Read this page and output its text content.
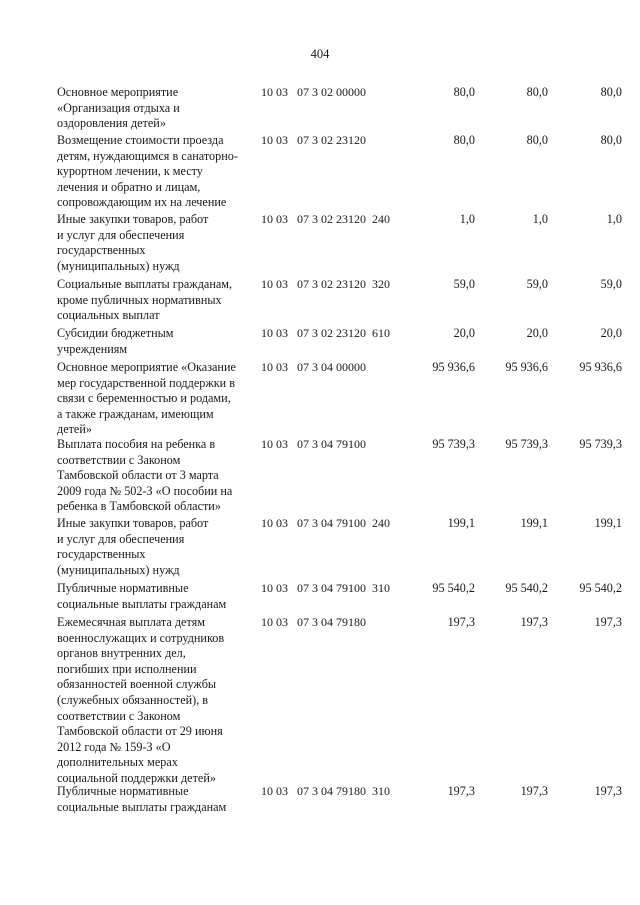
404
Основное мероприятие
«Организация отдыха и
оздоровления детей»
10 03   07 3 02 00000	80,0	80,0	80,0
Возмещение стоимости проезда
детям, нуждающимся в санаторно-
курортном лечении, к месту
лечения и обратно и лицам,
сопровождающим их на лечение
10 03   07 3 02 23120	80,0	80,0	80,0
Иные закупки товаров, работ
и услуг для обеспечения
государственных
(муниципальных) нужд
10 03   07 3 02 23120  240	1,0	1,0	1,0
Социальные выплаты гражданам,
кроме публичных нормативных
социальных выплат
10 03   07 3 02 23120  320	59,0	59,0	59,0
Субсидии бюджетным
учреждениям
10 03   07 3 02 23120  610	20,0	20,0	20,0
Основное мероприятие «Оказание
мер государственной поддержки в
связи с беременностью и родами,
а также гражданам, имеющим
детей»
10 03   07 3 04 00000	95 936,6	95 936,6	95 936,6
Выплата пособия на ребенка в
соответствии с Законом
Тамбовской области от 3 марта
2009 года № 502-З «О пособии на
ребенка в Тамбовской области»
10 03   07 3 04 79100	95 739,3	95 739,3	95 739,3
Иные закупки товаров, работ
и услуг для обеспечения
государственных
(муниципальных) нужд
10 03   07 3 04 79100  240	199,1	199,1	199,1
Публичные нормативные
социальные выплаты гражданам
10 03   07 3 04 79100  310	95 540,2	95 540,2	95 540,2
Ежемесячная выплата детям
военнослужащих и сотрудников
органов внутренних дел,
погибших при исполнении
обязанностей военной службы
(служебных обязанностей), в
соответствии с Законом
Тамбовской области от 29 июня
2012 года № 159-З «О
дополнительных мерах
социальной поддержки детей»
10 03   07 3 04 79180	197,3	197,3	197,3
Публичные нормативные
социальные выплаты гражданам
10 03   07 3 04 79180  310	197,3	197,3	197,3
